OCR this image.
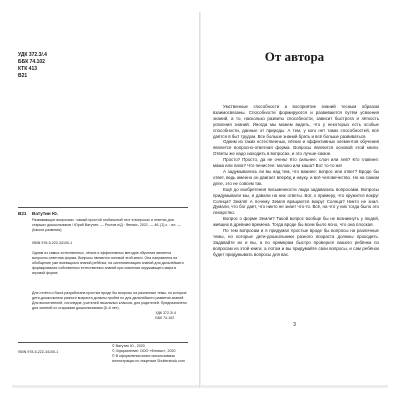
УДК 372.3/.4
ББК 74.102
КТК 413
В21
В21 Ватутин Ю.
Развивающие вопросики : самый простой глобальный тест в вопросах и ответах для старших дошкольников / Юрий Ватутин. — Ростов н/Д : Феникс, 2021. — 46, [1] с. : ил. — (Школа развития).
ISBN 978-5-222-34100-1
Одним из самых естественных, лёгких и эффективных методов обучения является вопросно-ответная форма. Вопросы являются основой этой книги. Она направлена на обобщение уже имеющихся знаний ребёнка, на систематизацию знаний для дальнейшего формирования собственных естественных знаний при освоении окружающего мира в игровой форме.
Для отчёта и была разработана простые вроде бы вопросы на различные темы, но которые дети-дошкольники разного возраста должны пройти по для дальнейшего развития знаний. Для воспитателей, логопедов, учителей начальных классов, для родителей. Предназначено для занятий со старшими дошкольниками (5–6 лет).
УДК 372.3/.4
ББК 74.102
ISBN 978-5-222-34100-1
© Ватутин Ю., 2020
© Оформление: ООО «Феникс», 2020
© В оформлении книги использованы
иллюстрации по лицензии Shutterstock.com
От автора

Умственные способности и восприятие знаний тесным образом взаимосвязаны. Способности формируются и развиваются путём усвоения знаний, а то, насколько развиты способности, зависит быстрота и лёгкость усвоения знаний. Иногда мы можем видеть, что у некоторых есть особые способности, данные от природы. А тем, у кого нет таких способностей, всё даётся в быт трудом. Все больше знаний брать и всё больше развиваться.

Одним из таких естественных, лёгких и эффективных элементов обучения является вопросно-ответная форма. Вопросы являются основой этой книги. Ответы же надо находить в вопросах, и это лучше-самое.

Просто? Просто, да не очень! Кто сильнее: слон или лев? Кто главнее: мама или папа? Что пенистее: молоко или каша? Вот то-то же!

А задумывались ли вы над тем, что важнее: вопрос или ответ? Вроде бы ответ, ведь именно он двигает вперёд и науку, и всё человечество. Но на самом деле, это не совсем так.

Ещё до изобретения письменности люди задавались вопросами. Вопросы придумывали мы, и давали на них ответы. Вот, к примеру, что кружится вокруг Солнца? Земля! А почему Земля вращается вокруг Солнца? Никто не знал. Думали, что бог даёт, что никто не знает что-то. Всё, на что у них тогда было это лекарство.

Вопрос о форме Земли? Такой вопрос вообще бы не возникнуть у людей, живших в древние времена. Тогда вроде бы всем было ясно, что она плоская.

По тем вопросам и я придумал простые вроде бы вопросы на различные темы, но которые дети-дошкольники разного возраста должны проходить. Задавайте их и вы, а по примерам быстро проверьте вашего ребёнка по вопросам из этой книги, а потом и вы придумайте свои вопросы, и сам ребёнок будет придумывать вопросы для вас.

3
